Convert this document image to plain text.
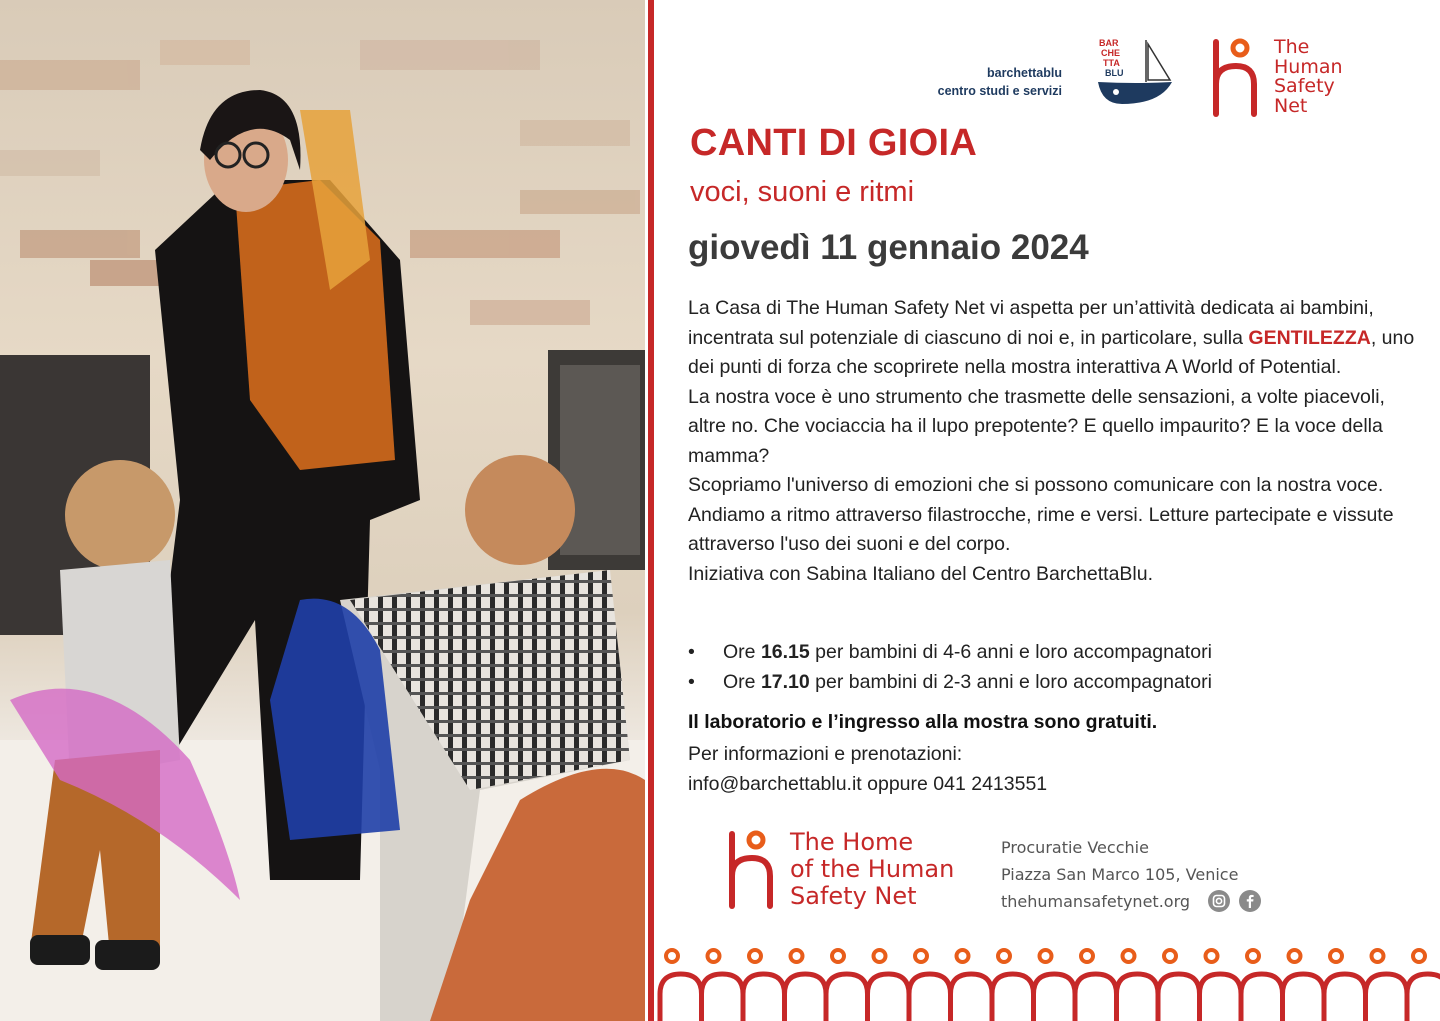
barchettablu
centro studi e servizi
BAR
CHE
TTA
BLU
The
Human
Safety
Net
CANTI DI GIOIA
voci, suoni e ritmi
giovedì 11 gennaio 2024

La Casa di The Human Safety Net vi aspetta per un’attività dedicata ai bambini, incentrata sul potenziale di ciascuno di noi e, in particolare, sulla GENTILEZZA, uno dei punti di forza che scoprirete nella mostra interattiva A World of Potential.

La nostra voce è uno strumento che trasmette delle sensazioni, a volte piacevoli, altre no. Che vociaccia ha il lupo prepotente? E quello impaurito? E la voce della mamma?

Scopriamo l'universo di emozioni che si possono comunicare con la nostra voce. Andiamo a ritmo attraverso filastrocche, rime e versi. Letture partecipate e vissute attraverso l'uso dei suoni e del corpo.

Iniziativa con Sabina Italiano del Centro BarchettaBlu.

• Ore 16.15 per bambini di 4-6 anni e loro accompagnatori
• Ore 17.10 per bambini di 2-3 anni e loro accompagnatori
Il laboratorio e l’ingresso alla mostra sono gratuiti.
Per informazioni e prenotazioni:
info@barchettablu.it oppure 041 2413551
The Home
of the Human
Safety Net
Procuratie Vecchie
Piazza San Marco 105, Venice
thehumansafetynet.org
